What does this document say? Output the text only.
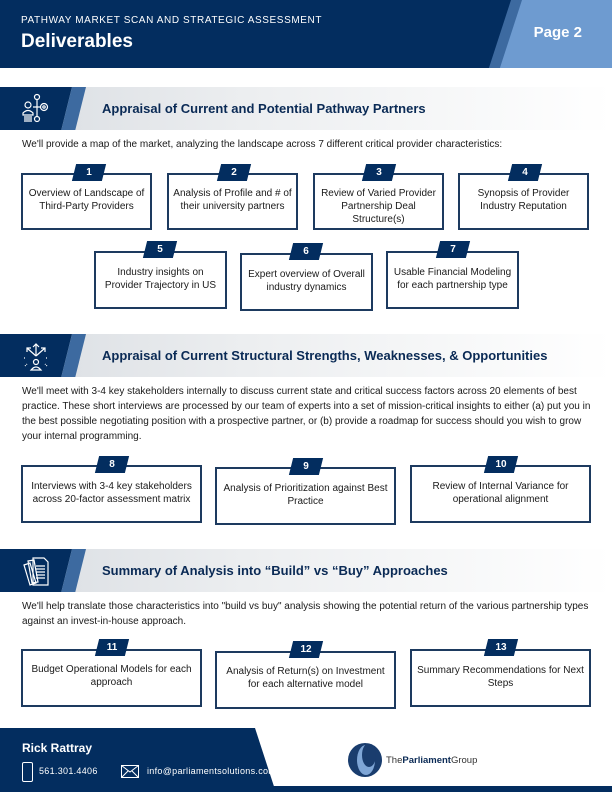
PATHWAY MARKET SCAN AND STRATEGIC ASSESSMENT
Deliverables	Page 2
Appraisal of Current and Potential Pathway Partners
We'll provide a map of the market, analyzing the landscape across 7 different critical provider characteristics:
Overview of Landscape of Third-Party Providers
1
Analysis of Profile and # of their university partners
2
Review of Varied Provider Partnership Deal Structure(s)
3
Synopsis of Provider Industry Reputation
4
Industry insights on Provider Trajectory in US
5
Expert overview of Overall industry dynamics
6
Usable Financial Modeling for each partnership type
7
Appraisal of Current Structural Strengths, Weaknesses, & Opportunities
We'll meet with 3-4 key stakeholders internally to discuss current state and critical success factors across 20 elements of best practice. These short interviews are processed by our team of experts into a set of mission-critical insights to either (a) put you in the best possible negotiating position with a prospective partner, or (b) provide a roadmap for success should you wish to grow your internal programming.
Interviews with 3-4 key stakeholders across 20-factor assessment matrix
8
Analysis of Prioritization against Best Practice
9
Review of Internal Variance for operational alignment
10
Summary of Analysis into “Build” vs “Buy” Approaches
We'll help translate those characteristics into "build vs buy" analysis showing the potential return of the various partnership types against an invest-in-house approach.
Budget Operational Models for each approach
11
Analysis of Return(s) on Investment for each alternative model
12
Summary Recommendations for Next Steps
13
Rick Rattray
561.301.4406	info@parliamentsolutions.com
TheParliamentGroup
